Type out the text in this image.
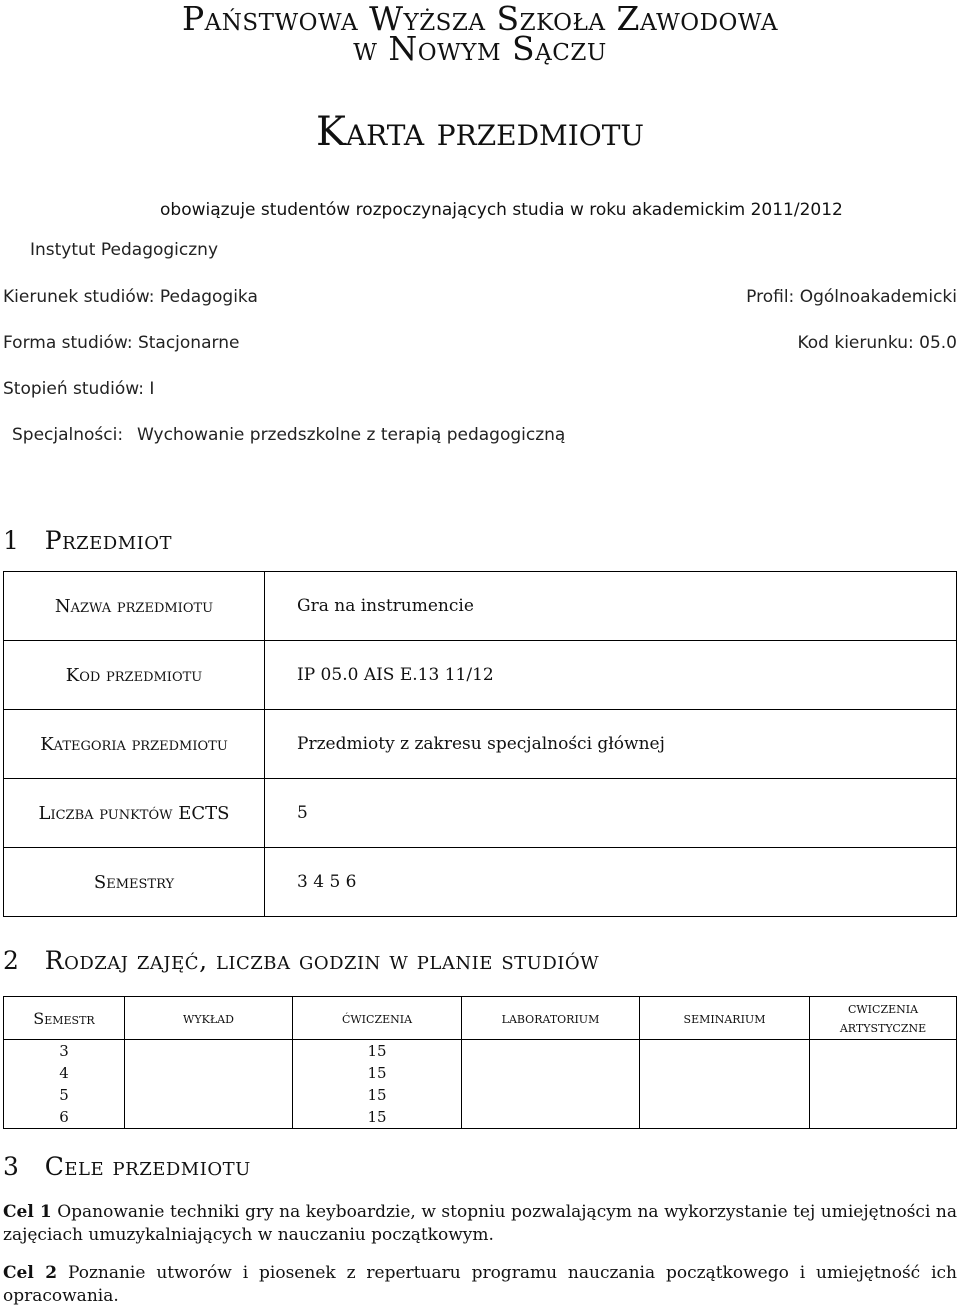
Państwowa Wyższa Szkoła Zawodowa
w Nowym Sączu
Karta przedmiotu
obowiązuje studentów rozpoczynających studia w roku akademickim 2011/2012
Instytut Pedagogiczny
Kierunek studiów: Pedagogika	Profil: Ogólnoakademicki
Forma studiów: Stacjonarne	Kod kierunku: 05.0
Stopień studiów: I
Specjalności: Wychowanie przedszkolne z terapią pedagogiczną
1 Przedmiot
Nazwa przedmiotu	Gra na instrumencie
Kod przedmiotu	IP 05.0 AIS E.13 11/12
Kategoria przedmiotu	Przedmioty z zakresu specjalności głównej
Liczba punktów ECTS	5
Semestry	3 4 5 6
2 Rodzaj zajęć, liczba godzin w planie studiów
Semestr	wykład	ćwiczenia	laboratorium	seminarium	cwiczenia
artystyczne

3		15			
4		15			
5		15			
6		15			
3 Cele przedmiotu
Cel 1 Opanowanie techniki gry na keyboardzie, w stopniu pozwalającym na wykorzystanie tej umiejętności na zajęciach umuzykalniających w nauczaniu początkowym.
Cel 2 Poznanie utworów i piosenek z repertuaru programu nauczania początkowego i umiejętność ich opracowania.
